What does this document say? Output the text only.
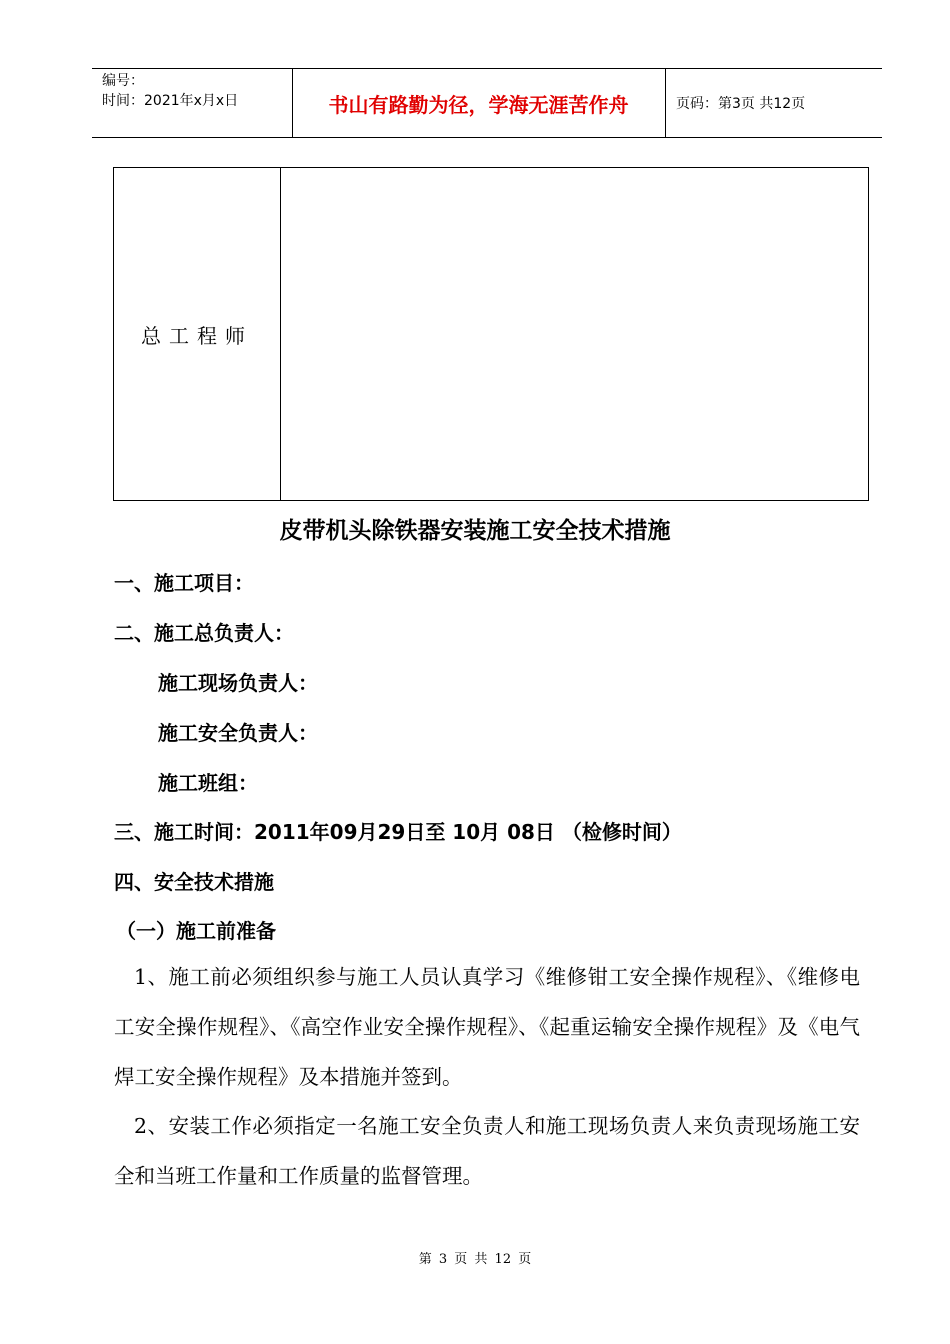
编号：
时间：2021年x月x日	书山有路勤为径，学海无涯苦作舟	页码：第3页 共12页
总工程师
皮带机头除铁器安装施工安全技术措施
一、施工项目：
二、施工总负责人：
施工现场负责人：
施工安全负责人：
施工班组：
三、施工时间：2011年09月29日至 10月 08日 （检修时间）
四、安全技术措施
（一）施工前准备
1、施工前必须组织参与施工人员认真学习《维修钳工安全操作规程》、《维修电工安全操作规程》、《高空作业安全操作规程》、《起重运输安全操作规程》及《电气焊工安全操作规程》及本措施并签到。
2、安装工作必须指定一名施工安全负责人和施工现场负责人来负责现场施工安全和当班工作量和工作质量的监督管理。
第 3 页 共 12 页
